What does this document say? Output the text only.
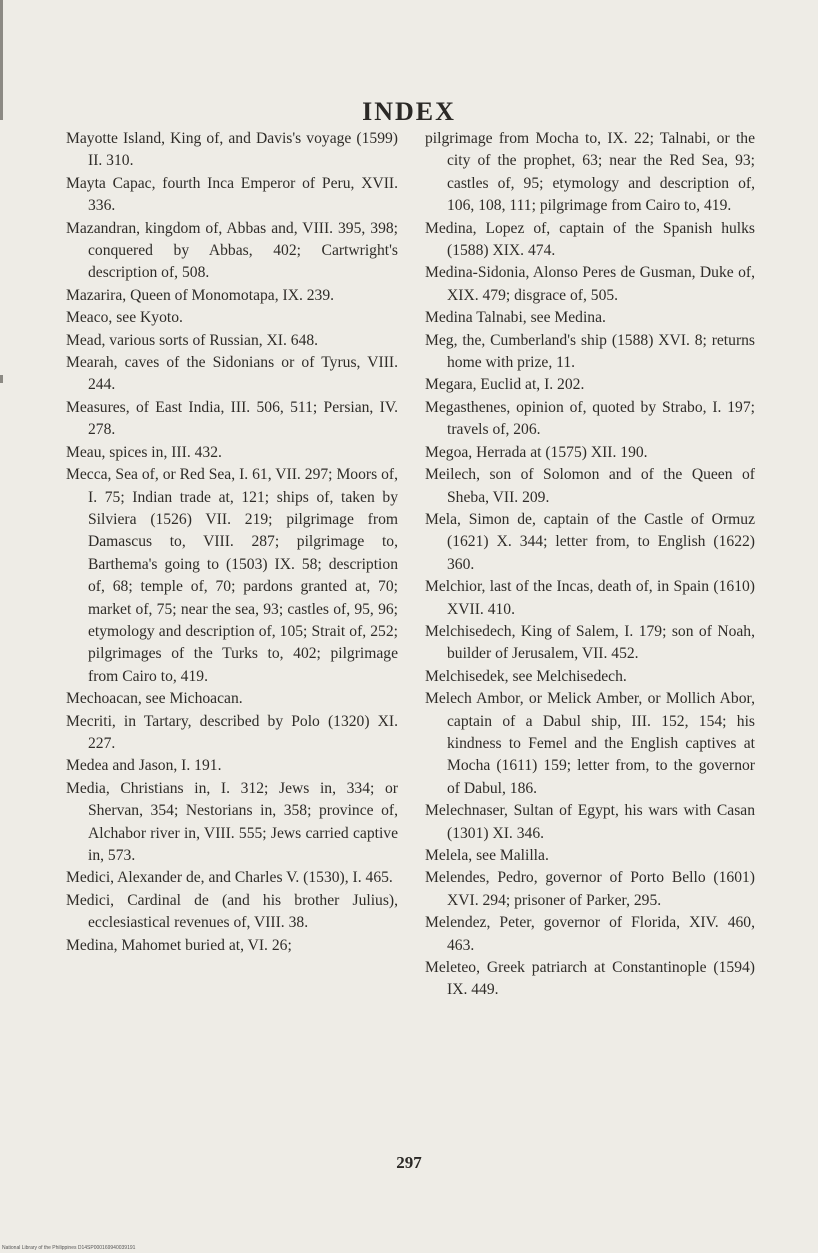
INDEX

Mayotte Island, King of, and Davis's voyage (1599) II. 310.

Mayta Capac, fourth Inca Emperor of Peru, XVII. 336.

Mazandran, kingdom of, Abbas and, VIII. 395, 398; conquered by Abbas, 402; Cartwright's description of, 508.

Mazarira, Queen of Monomotapa, IX. 239.

Meaco, see Kyoto.

Mead, various sorts of Russian, XI. 648.

Mearah, caves of the Sidonians or of Tyrus, VIII. 244.

Measures, of East India, III. 506, 511; Persian, IV. 278.

Meau, spices in, III. 432.

Mecca, Sea of, or Red Sea, I. 61, VII. 297; Moors of, I. 75; Indian trade at, 121; ships of, taken by Silviera (1526) VII. 219; pilgrimage from Damascus to, VIII. 287; pilgrimage to, Barthema's going to (1503) IX. 58; description of, 68; temple of, 70; pardons granted at, 70; market of, 75; near the sea, 93; castles of, 95, 96; etymology and description of, 105; Strait of, 252; pilgrimages of the Turks to, 402; pilgrimage from Cairo to, 419.

Mechoacan, see Michoacan.

Mecriti, in Tartary, described by Polo (1320) XI. 227.

Medea and Jason, I. 191.

Media, Christians in, I. 312; Jews in, 334; or Shervan, 354; Nestorians in, 358; province of, Alchabor river in, VIII. 555; Jews carried captive in, 573.

Medici, Alexander de, and Charles V. (1530), I. 465.

Medici, Cardinal de (and his brother Julius), ecclesiastical revenues of, VIII. 38.

Medina, Mahomet buried at, VI. 26;

pilgrimage from Mocha to, IX. 22; Talnabi, or the city of the prophet, 63; near the Red Sea, 93; castles of, 95; etymology and description of, 106, 108, 111; pilgrimage from Cairo to, 419.

Medina, Lopez of, captain of the Spanish hulks (1588) XIX. 474.

Medina-Sidonia, Alonso Peres de Gusman, Duke of, XIX. 479; disgrace of, 505.

Medina Talnabi, see Medina.

Meg, the, Cumberland's ship (1588) XVI. 8; returns home with prize, 11.

Megara, Euclid at, I. 202.

Megasthenes, opinion of, quoted by Strabo, I. 197; travels of, 206.

Megoa, Herrada at (1575) XII. 190.

Meilech, son of Solomon and of the Queen of Sheba, VII. 209.

Mela, Simon de, captain of the Castle of Ormuz (1621) X. 344; letter from, to English (1622) 360.

Melchior, last of the Incas, death of, in Spain (1610) XVII. 410.

Melchisedech, King of Salem, I. 179; son of Noah, builder of Jerusalem, VII. 452.

Melchisedek, see Melchisedech.

Melech Ambor, or Melick Amber, or Mollich Abor, captain of a Dabul ship, III. 152, 154; his kindness to Femel and the English captives at Mocha (1611) 159; letter from, to the governor of Dabul, 186.

Melechnaser, Sultan of Egypt, his wars with Casan (1301) XI. 346.

Melela, see Malilla.

Melendes, Pedro, governor of Porto Bello (1601) XVI. 294; prisoner of Parker, 295.

Melendez, Peter, governor of Florida, XIV. 460, 463.

Meleteo, Greek patriarch at Constantinople (1594) IX. 449.

297
National Library of the Philippines D14SP000169940039191
